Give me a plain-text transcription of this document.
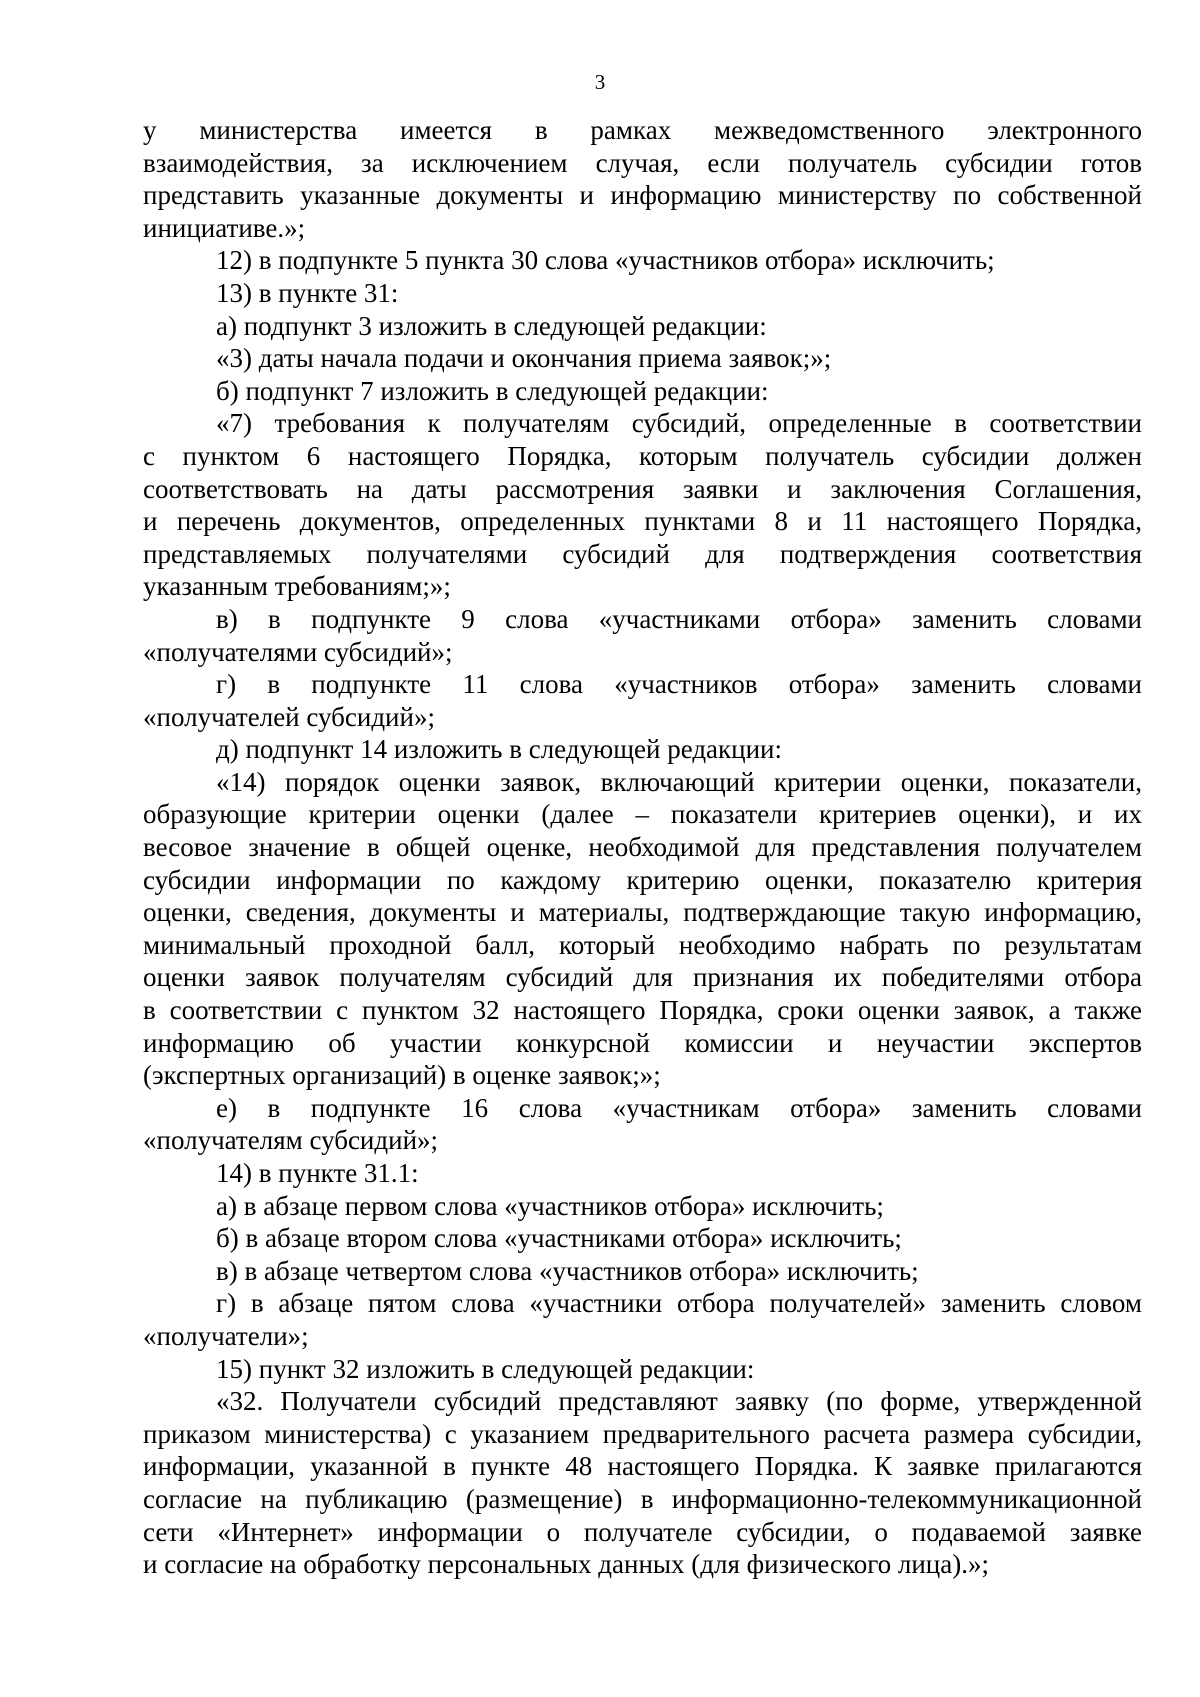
3

у министерства имеется в рамках межведомственного электронного

взаимодействия, за исключением случая, если получатель субсидии готов

представить указанные документы и информацию министерству по собственной

инициативе.»;

12) в подпункте 5 пункта 30 слова «участников отбора» исключить;

13) в пункте 31:

а) подпункт 3 изложить в следующей редакции:

«3) даты начала подачи и окончания приема заявок;»;

б) подпункт 7 изложить в следующей редакции:

«7) требования к получателям субсидий, определенные в соответствии

с пунктом 6 настоящего Порядка, которым получатель субсидии должен

соответствовать на даты рассмотрения заявки и заключения Соглашения,

и перечень документов, определенных пунктами 8 и 11 настоящего Порядка,

представляемых получателями субсидий для подтверждения соответствия

указанным требованиям;»;

в) в подпункте 9 слова «участниками отбора» заменить словами

«получателями субсидий»;

г) в подпункте 11 слова «участников отбора» заменить словами

«получателей субсидий»;

д) подпункт 14 изложить в следующей редакции:

«14) порядок оценки заявок, включающий критерии оценки, показатели,

образующие критерии оценки (далее – показатели критериев оценки), и их

весовое значение в общей оценке, необходимой для представления получателем

субсидии информации по каждому критерию оценки, показателю критерия

оценки, сведения, документы и материалы, подтверждающие такую информацию,

минимальный проходной балл, который необходимо набрать по результатам

оценки заявок получателям субсидий для признания их победителями отбора

в соответствии с пунктом 32 настоящего Порядка, сроки оценки заявок, а также

информацию об участии конкурсной комиссии и неучастии экспертов

(экспертных организаций) в оценке заявок;»;

е) в подпункте 16 слова «участникам отбора» заменить словами

«получателям субсидий»;

14) в пункте 31.1:

а) в абзаце первом слова «участников отбора» исключить;

б) в абзаце втором слова «участниками отбора» исключить;

в) в абзаце четвертом слова «участников отбора» исключить;

г) в абзаце пятом слова «участники отбора получателей» заменить словом

«получатели»;

15) пункт 32 изложить в следующей редакции:

«32. Получатели субсидий представляют заявку (по форме, утвержденной

приказом министерства) с указанием предварительного расчета размера субсидии,

информации, указанной в пункте 48 настоящего Порядка. К заявке прилагаются

согласие на публикацию (размещение) в информационно-телекоммуникационной

сети «Интернет» информации о получателе субсидии, о подаваемой заявке

и согласие на обработку персональных данных (для физического лица).»;
